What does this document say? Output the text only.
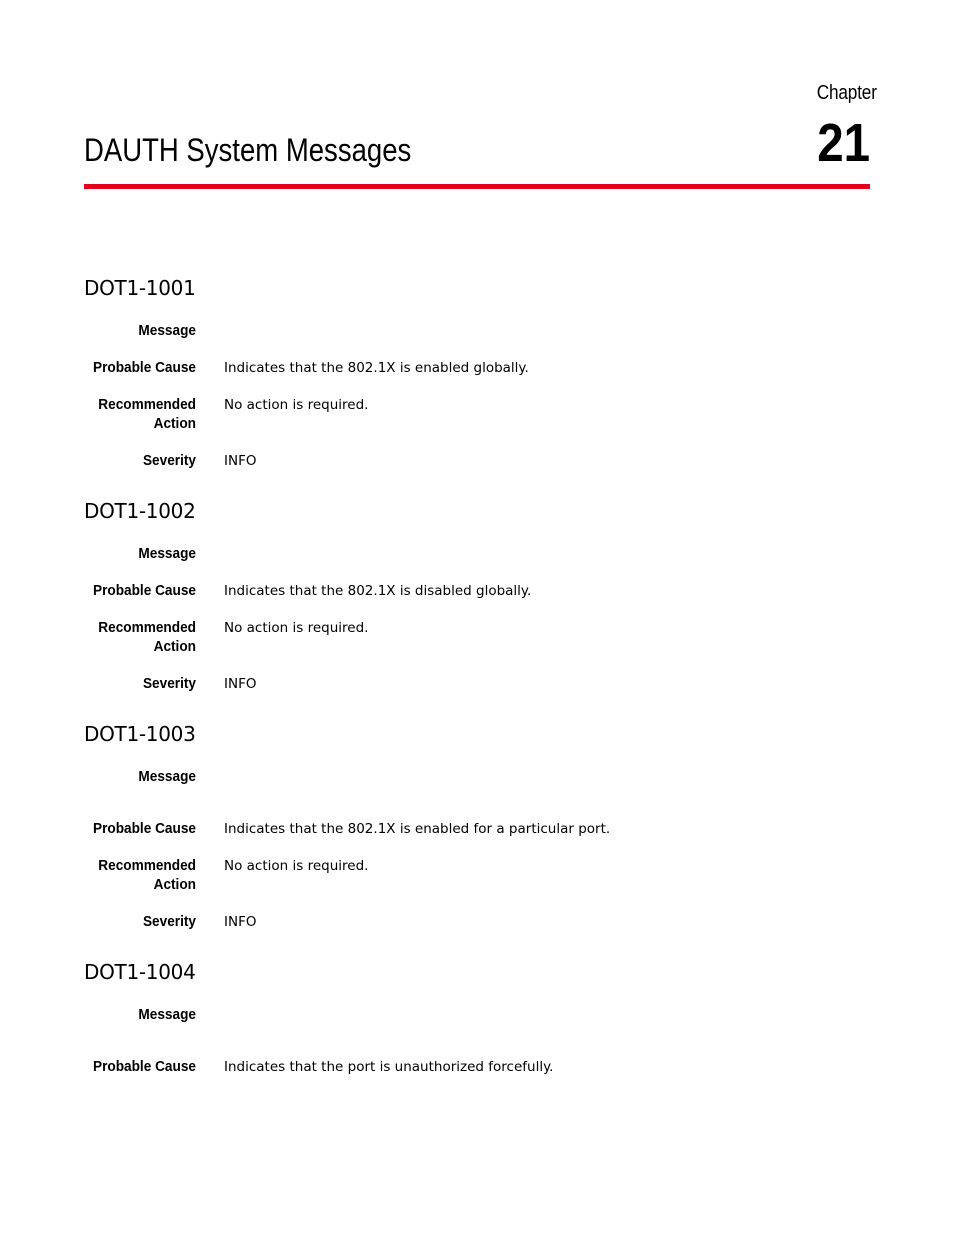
Chapter
21
DAUTH System Messages
DOT1-1001
Message
Probable Cause Indicates that the 802.1X is enabled globally.
Recommended No action is required.
Action
Severity INFO
DOT1-1002
Message
Probable Cause Indicates that the 802.1X is disabled globally.
Recommended No action is required.
Action
Severity INFO
DOT1-1003
Message
Probable Cause Indicates that the 802.1X is enabled for a particular port.
Recommended No action is required.
Action
Severity INFO
DOT1-1004
Message
Probable Cause Indicates that the port is unauthorized forcefully.
